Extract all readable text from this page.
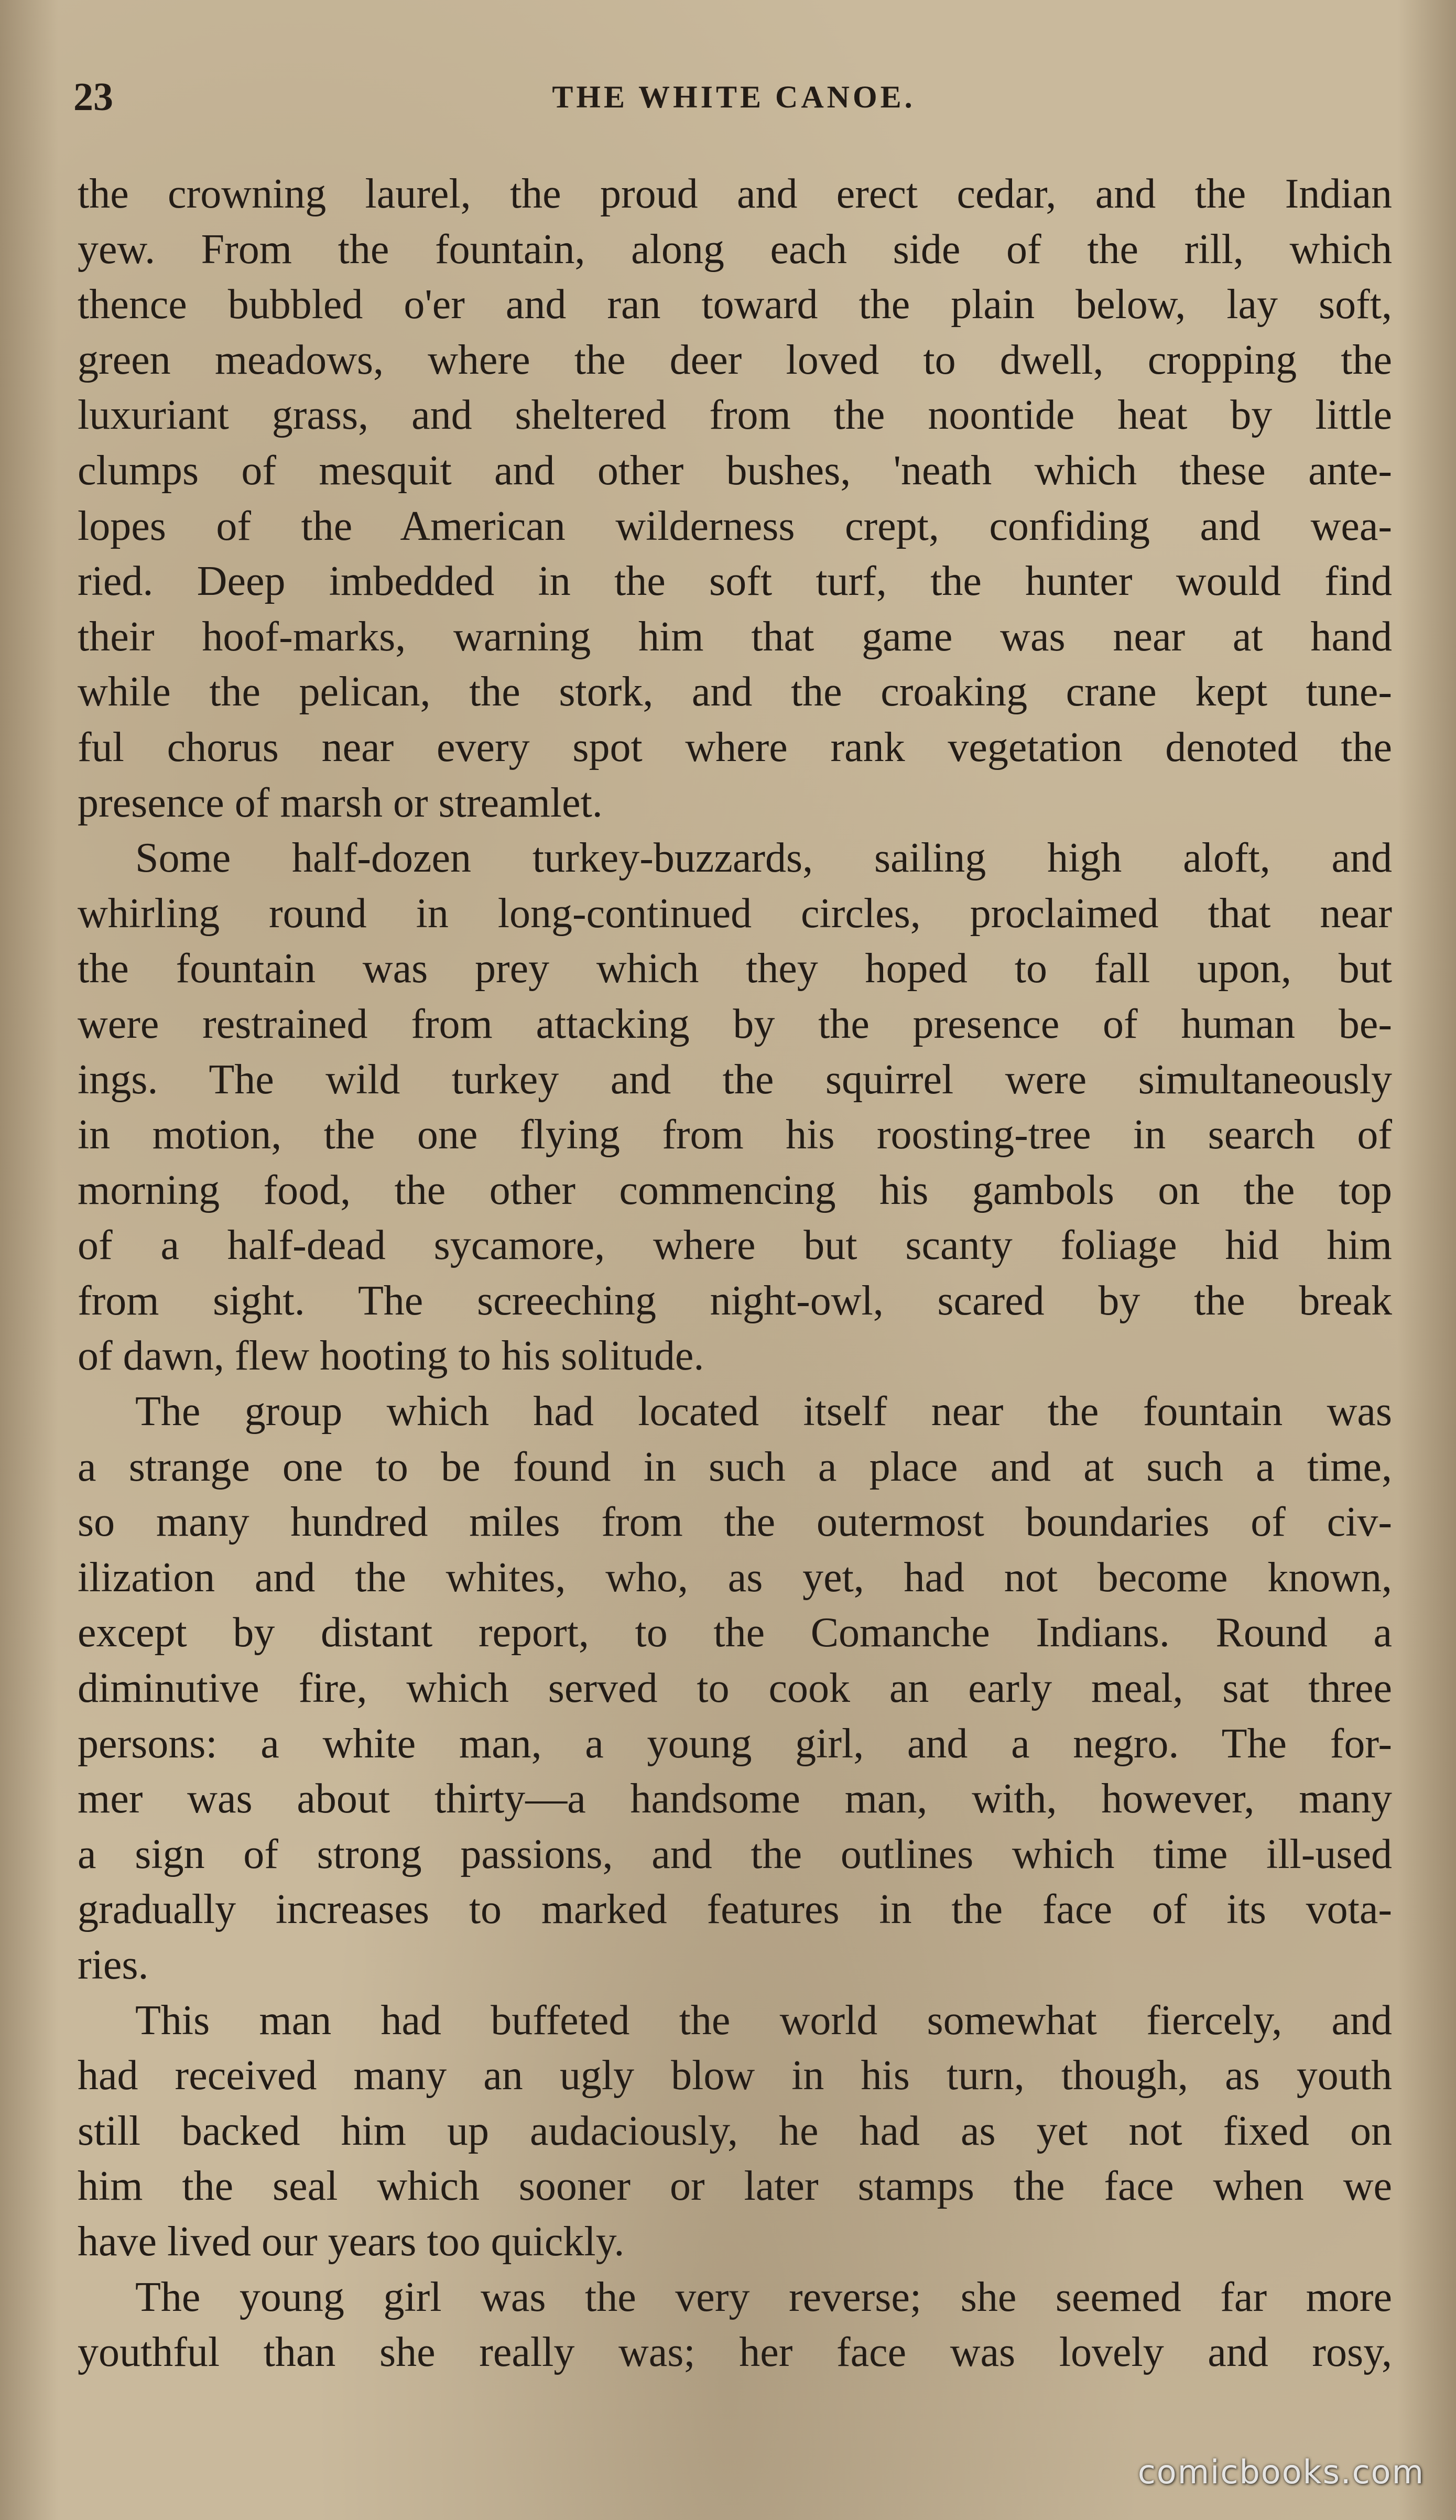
23	THE WHITE CANOE.

the crowning laurel, the proud and erect cedar, and the Indian
yew. From the fountain, along each side of the rill, which
thence bubbled o'er and ran toward the plain below, lay soft,
green meadows, where the deer loved to dwell, cropping the
luxuriant grass, and sheltered from the noontide heat by little
clumps of mesquit and other bushes, 'neath which these ante-
lopes of the American wilderness crept, confiding and wea-
ried. Deep imbedded in the soft turf, the hunter would find
their hoof-marks, warning him that game was near at hand
while the pelican, the stork, and the croaking crane kept tune-
ful chorus near every spot where rank vegetation denoted the
presence of marsh or streamlet.

Some half-dozen turkey-buzzards, sailing high aloft, and
whirling round in long-continued circles, proclaimed that near
the fountain was prey which they hoped to fall upon, but
were restrained from attacking by the presence of human be-
ings. The wild turkey and the squirrel were simultaneously
in motion, the one flying from his roosting-tree in search of
morning food, the other commencing his gambols on the top
of a half-dead sycamore, where but scanty foliage hid him
from sight. The screeching night-owl, scared by the break
of dawn, flew hooting to his solitude.

The group which had located itself near the fountain was
a strange one to be found in such a place and at such a time,
so many hundred miles from the outermost boundaries of civ-
ilization and the whites, who, as yet, had not become known,
except by distant report, to the Comanche Indians. Round a
diminutive fire, which served to cook an early meal, sat three
persons: a white man, a young girl, and a negro. The for-
mer was about thirty—a handsome man, with, however, many
a sign of strong passions, and the outlines which time ill-used
gradually increases to marked features in the face of its vota-
ries.

This man had buffeted the world somewhat fiercely, and
had received many an ugly blow in his turn, though, as youth
still backed him up audaciously, he had as yet not fixed on
him the seal which sooner or later stamps the face when we
have lived our years too quickly.

The young girl was the very reverse; she seemed far more
youthful than she really was; her face was lovely and rosy,

comicbooks.com
